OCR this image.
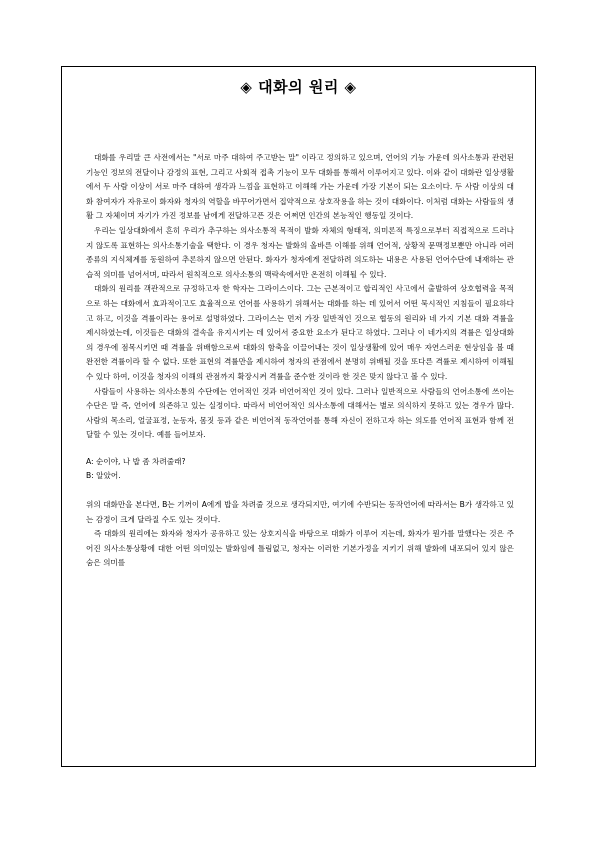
◈ 대화의 원리 ◈

대화를 우리말 큰 사전에서는 "서로 마주 대하여 주고받는 말" 이라고 정의하고 있으며, 언어의 기능 가운데 의사소통과 관련된 기능인 정보의 전달이나 감정의 표현, 그리고 사회적 접촉 기능이 모두 대화를 통해서 이루어지고 있다. 이와 같이 대화란 일상생활에서 두 사람 이상이 서로 마주 대하여 생각과 느낌을 표현하고 이해해 가는 가운데 가장 기본이 되는 요소이다. 두 사람 이상의 대화 참여자가 자유로이 화자와 청자의 역할을 바꾸어가면서 집약적으로 상호작용을 하는 것이 대화이다. 이처럼 대화는 사람들의 생활 그 자체이며 자기가 가진 정보를 남에게 전달하고픈 것은 어쩌면 인간의 본능적인 행동일 것이다.

우리는 일상대화에서 흔히 우리가 추구하는 의사소통적 목적이 발화 자체의 형태적, 의미론적 특징으로부터 직접적으로 드러나지 않도록 표현하는 의사소통기술을 택한다. 이 경우 청자는 발화의 올바른 이해를 위해 언어적, 상황적 문맥정보뿐만 아니라 여러 종류의 지식체계를 동원하여 추론하지 않으면 안된다. 화자가 청자에게 전달하려 의도하는 내용은 사용된 언어수단에 내재하는 관습적 의미를 넘어서며, 따라서 원칙적으로 의사소통의 맥락속에서만 온전히 이해될 수 있다.

대화의 원리를 객관적으로 규정하고자 한 학자는 그라이스이다. 그는 근본적이고 합리적인 사고에서 출발하여 상호협력을 목적으로 하는 대화에서 효과적이고도 효율적으로 언어를 사용하기 위해서는 대화를 하는 데 있어서 어떤 묵시적인 지침들이 필요하다고 하고, 이것을 격률이라는 용어로 설명하였다. 그라이스는 먼저 가장 일반적인 것으로 협동의 원리와 네 가지 기본 대화 격률을 제시하였는데, 이것들은 대화의 결속을 유지시키는 데 있어서 중요한 요소가 된다고 하였다. 그러나 이 네가지의 격률은 일상대화의 경우에 점목시키면 때 격률을 위배함으로써 대화의 함축을 이끌어내는 것이 일상생활에 있어 매우 자연스러운 현상임을 볼 때 완전한 격률이라 할 수 없다. 또한 표현의 격률만을 제시하여 청자의 관점에서 분명히 위배될 것을 또다른 격률로 제시하여 이해될 수 있다 하여, 이것을 청자의 이해의 관점까지 확장시켜 격률을 준수한 것이라 한 것은 맞지 않다고 볼 수 있다.

사람들이 사용하는 의사소통의 수단에는 언어적인 것과 비언어적인 것이 있다. 그러나 일반적으로 사람들의 언어소통에 쓰이는 수단은 말 즉, 언어에 의존하고 있는 실정이다. 따라서 비언어적인 의사소통에 대해서는 별로 의식하지 못하고 있는 경우가 많다. 사람의 목소리, 얼굴표정, 눈동자, 몸짓 등과 같은 비언어적 동작언어를 통해 자신이 전하고자 하는 의도를 언어적 표현과 함께 전달할 수 있는 것이다. 예를 들어보자.

A: 순이야, 나 밥 좀 차려줄래?

B: 알았어.

위의 대화만을 본다면, B는 기꺼이 A에게 밥을 차려줄 것으로 생각되지만, 여기에 수반되는 동작언어에 따라서는 B가 생각하고 있는 감정이 크게 달라질 수도 있는 것이다.

즉 대화의 원리에는 화자와 청자가 공유하고 있는 상호지식을 바탕으로 대화가 이루어 지는데, 화자가 뭔가를 말했다는 것은 주어진 의사소통상황에 대한 어떤 의미있는 발화임에 틀림없고, 청자는 이러한 기본가정을 지키기 위해 발화에 내포되어 있지 않은 숨은 의미를
